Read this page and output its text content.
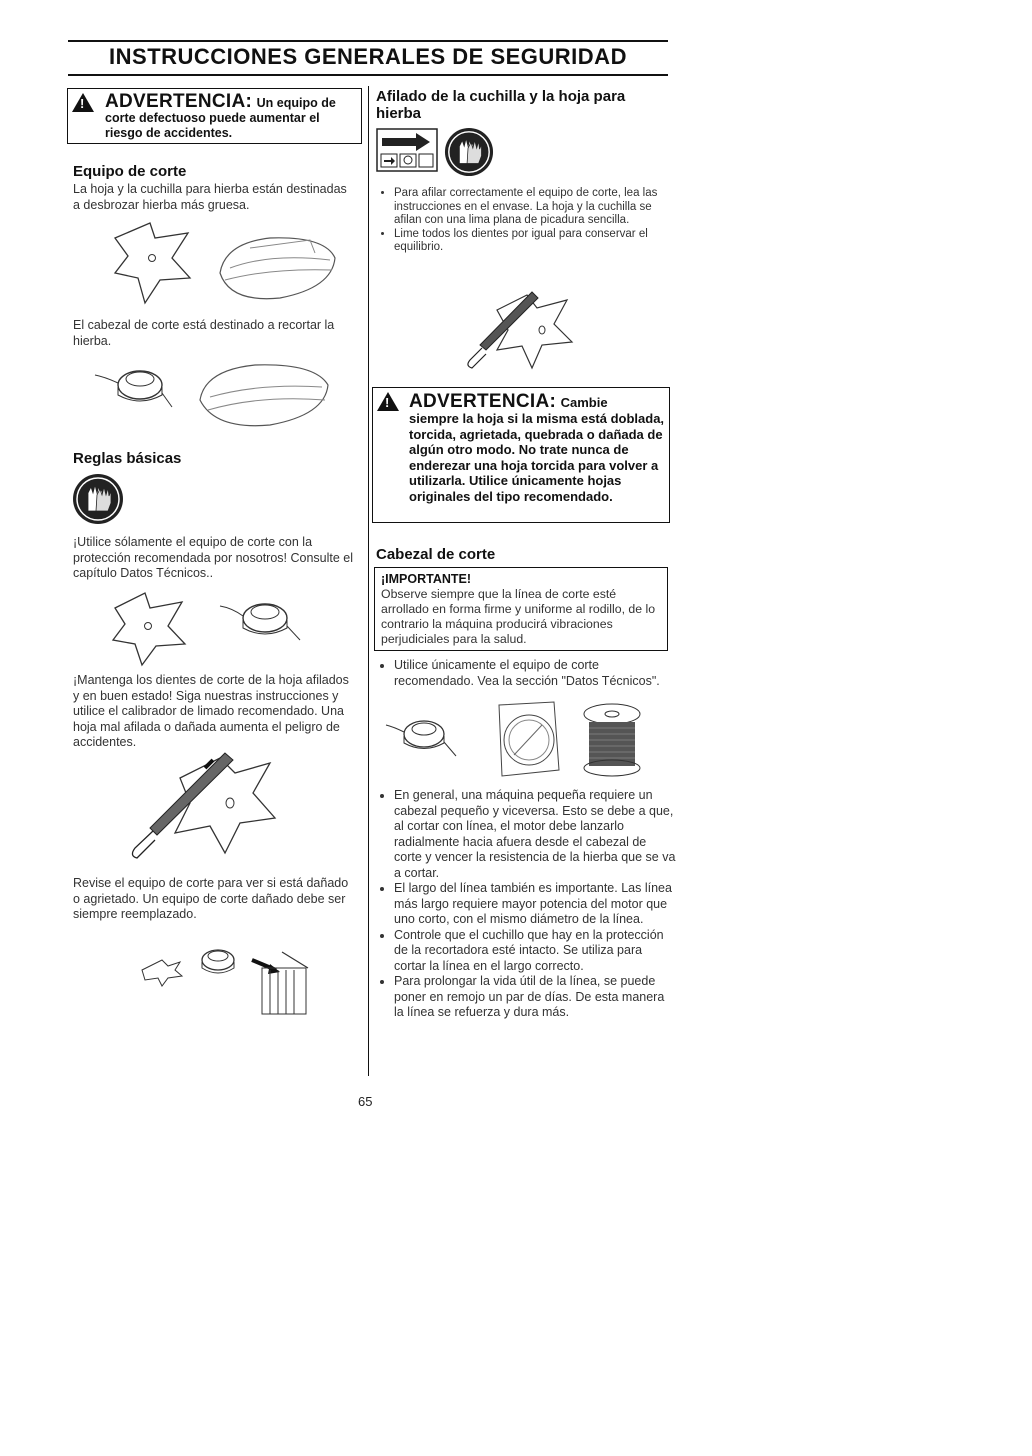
INSTRUCCIONES GENERALES DE SEGURIDAD
!
ADVERTENCIA: Un equipo de
corte defectuoso puede aumentar el riesgo de accidentes.
Equipo de corte
La hoja y la cuchilla para hierba están destinadas a desbrozar hierba más gruesa.
El cabezal de corte está destinado a recortar la hierba.
Reglas básicas
¡Utilice sólamente el equipo de corte con la protección recomendada por nosotros! Consulte el capítulo Datos Técnicos..
¡Mantenga los dientes de corte de la hoja afilados y en buen estado! Siga nuestras instrucciones y utilice el calibrador de limado recomendado. Una hoja mal afilada o dañada aumenta el peligro de accidentes.
Revise el equipo de corte para ver si está dañado o agrietado. Un equipo de corte dañado debe ser siempre reemplazado.
Afilado de la cuchilla y la hoja para hierba
• Para afilar correctamente el equipo de corte, lea las instrucciones en el envase. La hoja y la cuchilla se afilan con una lima plana de picadura sencilla.
• Lime todos los dientes por igual para conservar el equilibrio.
!
ADVERTENCIA: Cambie
siempre la hoja si la misma está doblada, torcida, agrietada, quebrada o dañada de algún otro modo. No trate nunca de enderezar una hoja torcida para volver a utilizarla. Utilice únicamente hojas originales del tipo recomendado.
Cabezal de corte
¡IMPORTANTE!
Observe siempre que la línea de corte esté arrollado en forma firme y uniforme al rodillo, de lo contrario la máquina producirá vibraciones perjudiciales para la salud.
• Utilice únicamente el equipo de corte recomendado. Vea la sección "Datos Técnicos".
• En general, una máquina pequeña requiere un cabezal pequeño y viceversa. Esto se debe a que, al cortar con línea, el motor debe lanzarlo radialmente hacia afuera desde el cabezal de corte y vencer la resistencia de la hierba que se va a cortar.
• El largo del línea también es importante. Las línea más largo requiere mayor potencia del motor que uno corto, con el mismo diámetro de la línea.
• Controle que el cuchillo que hay en la protección de la recortadora esté intacto. Se utiliza para cortar la línea en el largo correcto.
• Para prolongar la vida útil de la línea, se puede poner en remojo un par de días. De esta manera la línea se refuerza y dura más.
65
